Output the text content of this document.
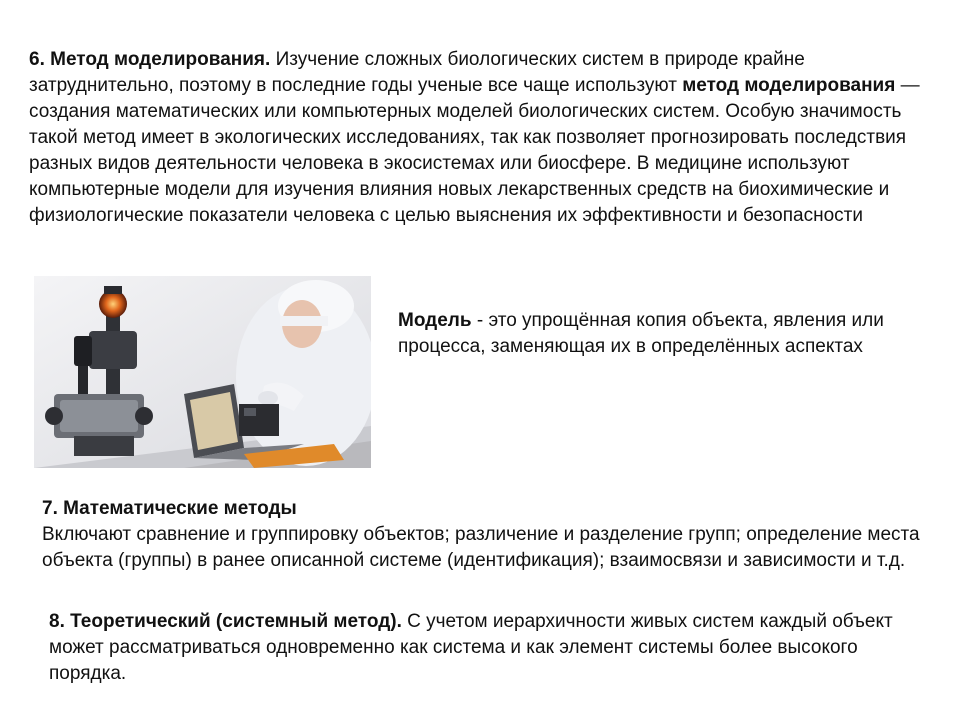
6. Метод моделирования. Изучение сложных биологических систем в природе крайне затруднительно, поэтому в последние годы ученые все чаще используют метод моделирования — создания математических или компьютерных моделей биологических систем. Особую значимость такой метод имеет в экологических исследованиях, так как позволяет прогнозировать последствия разных видов деятельности человека в экосистемах или биосфере. В медицине используют компьютерные модели для изучения влияния новых лекарственных средств на биохимические и физиологические показатели человека с целью выяснения их эффективности и безопасности
Модель - это упрощённая копия объекта, явления или процесса, заменяющая их в определённых аспектах
7. Математические методы
Включают сравнение и группировку объектов; различение и разделение групп; определение места объекта (группы) в ранее описанной системе (идентификация); взаимосвязи и зависимости и т.д.
8. Теоретический (системный метод). С учетом иерархичности живых систем каждый объект может рассматриваться одновременно как система и как элемент системы более высокого порядка.
